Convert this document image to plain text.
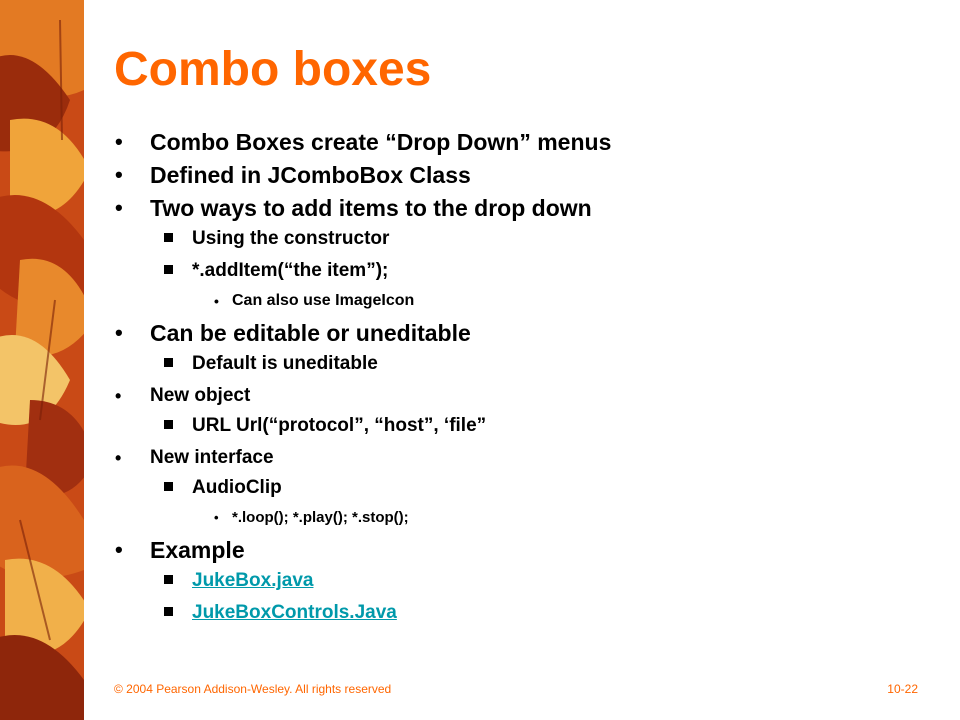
Combo boxes
• Combo Boxes create “Drop Down” menus
• Defined in JComboBox Class
• Two ways to add items to the drop down
Using the constructor
*.addItem(“the item”);
• Can also use ImageIcon
• Can be editable or uneditable
Default is uneditable
• New object
URL Url(“protocol”, “host”, ‘file”
• New interface
AudioClip
• *.loop(); *.play(); *.stop();
• Example
JukeBox.java
JukeBoxControls.Java
© 2004 Pearson Addison-Wesley. All rights reserved	10-22
